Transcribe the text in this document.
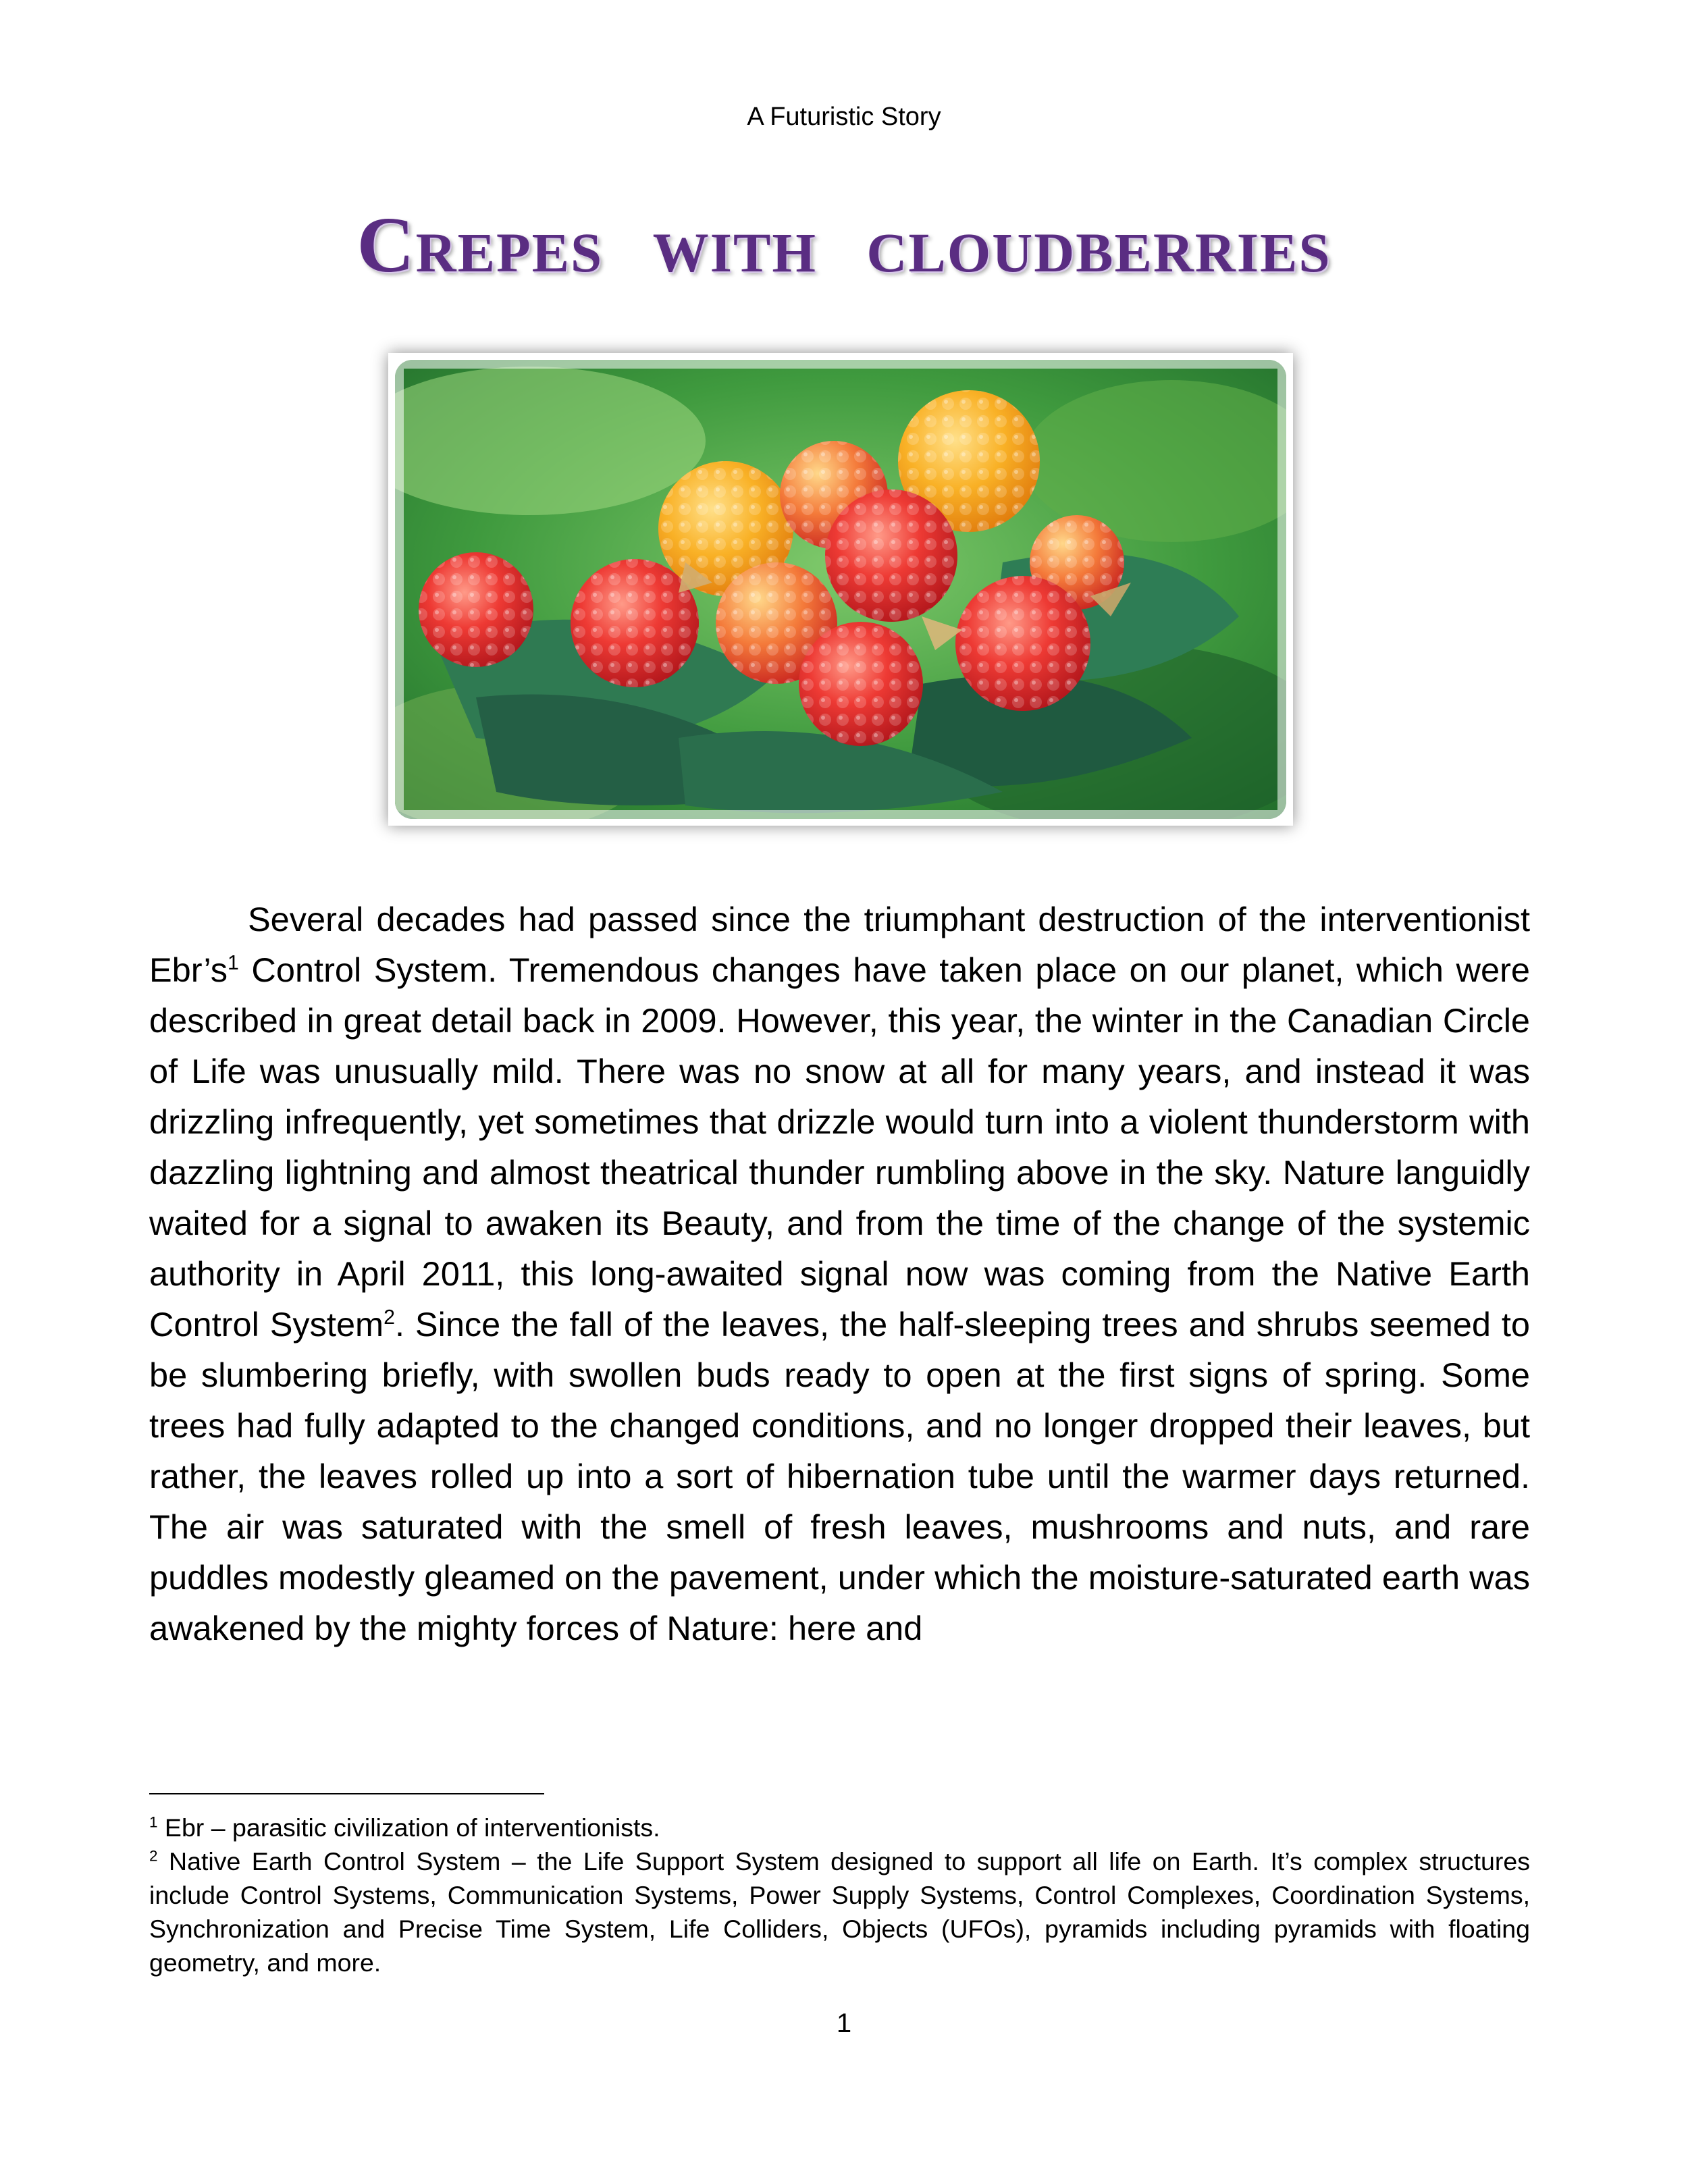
A Futuristic Story
Crepes with cloudberries
Several decades had passed since the triumphant destruction of the interventionist $Ebr’s^1$ Control System. Tremendous changes have taken place on our planet, which were described in great detail back in 2009. However, this year, the winter in the Canadian Circle of Life was unusually mild. There was no snow at all for many years, and instead it was drizzling infrequently, yet sometimes that drizzle would turn into a violent thunderstorm with dazzling lightning and almost theatrical thunder rumbling above in the sky. Nature languidly waited for a signal to awaken its Beauty, and from the time of the change of the systemic authority in April 2011, this long-awaited signal now was coming from the Native Earth Control System$^2$. Since the fall of the leaves, the half-sleeping trees and shrubs seemed to be slumbering briefly, with swollen buds ready to open at the first signs of spring. Some trees had fully adapted to the changed conditions, and no longer dropped their leaves, but rather, the leaves rolled up into a sort of hibernation tube until the warmer days returned. The air was saturated with the smell of fresh leaves, mushrooms and nuts, and rare puddles modestly gleamed on the pavement, under which the moisture-saturated earth was awakened by the mighty forces of Nature: here and
$^1$ Ebr – parasitic civilization of interventionists.
$^2$ Native Earth Control System – the Life Support System designed to support all life on Earth. It’s complex structures include Control Systems, Communication Systems, Power Supply Systems, Control Complexes, Coordination Systems, Synchronization and Precise Time System, Life Colliders, Objects (UFOs), pyramids including pyramids with floating geometry, and more.
1
